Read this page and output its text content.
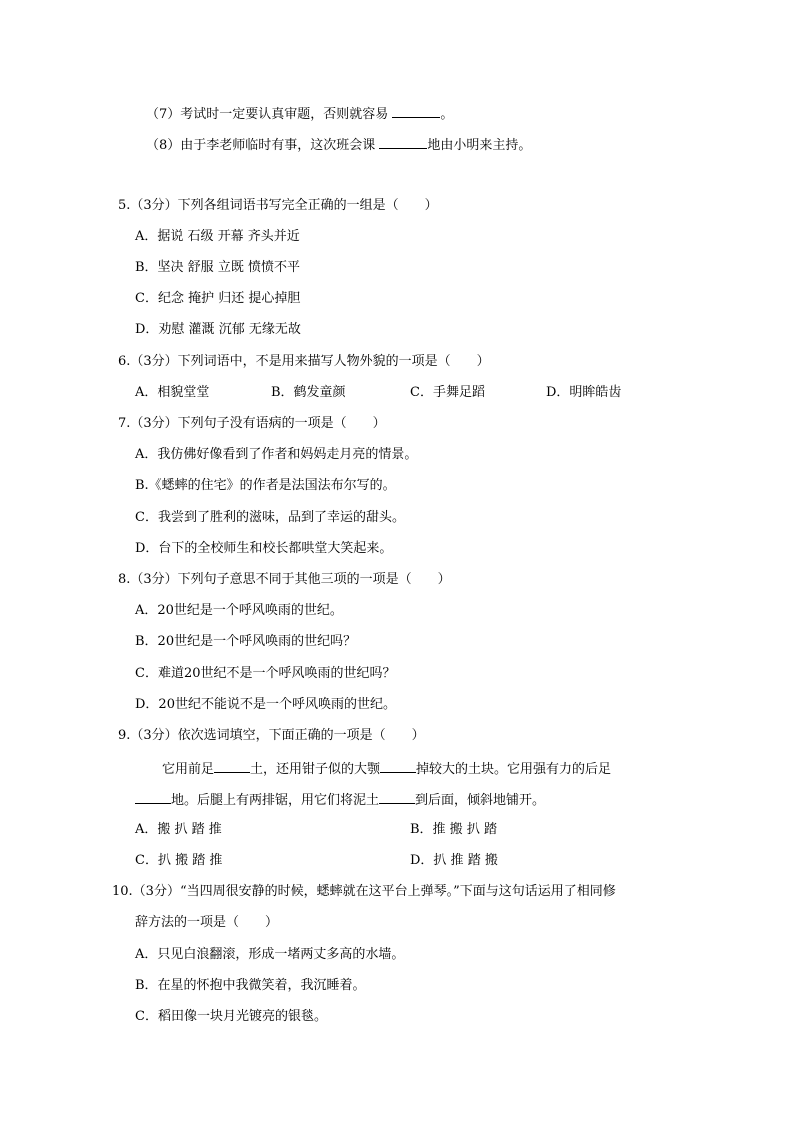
（7）考试时一定要认真审题，否则就容易	。
（8）由于李老师临时有事，这次班会课	地由小明来主持。
5.（3分）下列各组词语书写完全正确的一组是（　　）
A．据说 石级 开幕 齐头并近
B．坚决 舒服 立既 愤愤不平
C．纪念 掩护 归还 提心掉胆
D．劝慰 灌溉 沉郁 无缘无故
6.（3分）下列词语中，不是用来描写人物外貌的一项是（　　）
A．相貌堂堂	B．鹤发童颜	C．手舞足蹈	D．明眸皓齿
7.（3分）下列句子没有语病的一项是（　　）
A．我仿佛好像看到了作者和妈妈走月亮的情景。
B.《蟋蟀的住宅》的作者是法国法布尔写的。
C．我尝到了胜利的滋味，品到了幸运的甜头。
D．台下的全校师生和校长都哄堂大笑起来。
8.（3分）下列句子意思不同于其他三项的一项是（　　）
A．20世纪是一个呼风唤雨的世纪。
B．20世纪是一个呼风唤雨的世纪吗？
C．难道20世纪不是一个呼风唤雨的世纪吗？
D．20世纪不能说不是一个呼风唤雨的世纪。
9.（3分）依次选词填空，下面正确的一项是（　　）
它用前足	土，还用钳子似的大颚	掉较大的土块。它用强有力的后足
地。后腿上有两排锯，用它们将泥土	到后面，倾斜地铺开。
A．搬 扒 踏 推	B．推 搬 扒 踏
C．扒 搬 踏 推	D．扒 推 踏 搬
10.（3分）“当四周很安静的时候，蟋蟀就在这平台上弹琴。”下面与这句话运用了相同修
辞方法的一项是（　　）
A．只见白浪翻滚，形成一堵两丈多高的水墙。
B．在星的怀抱中我微笑着，我沉睡着。
C．稻田像一块月光镀亮的银毯。
